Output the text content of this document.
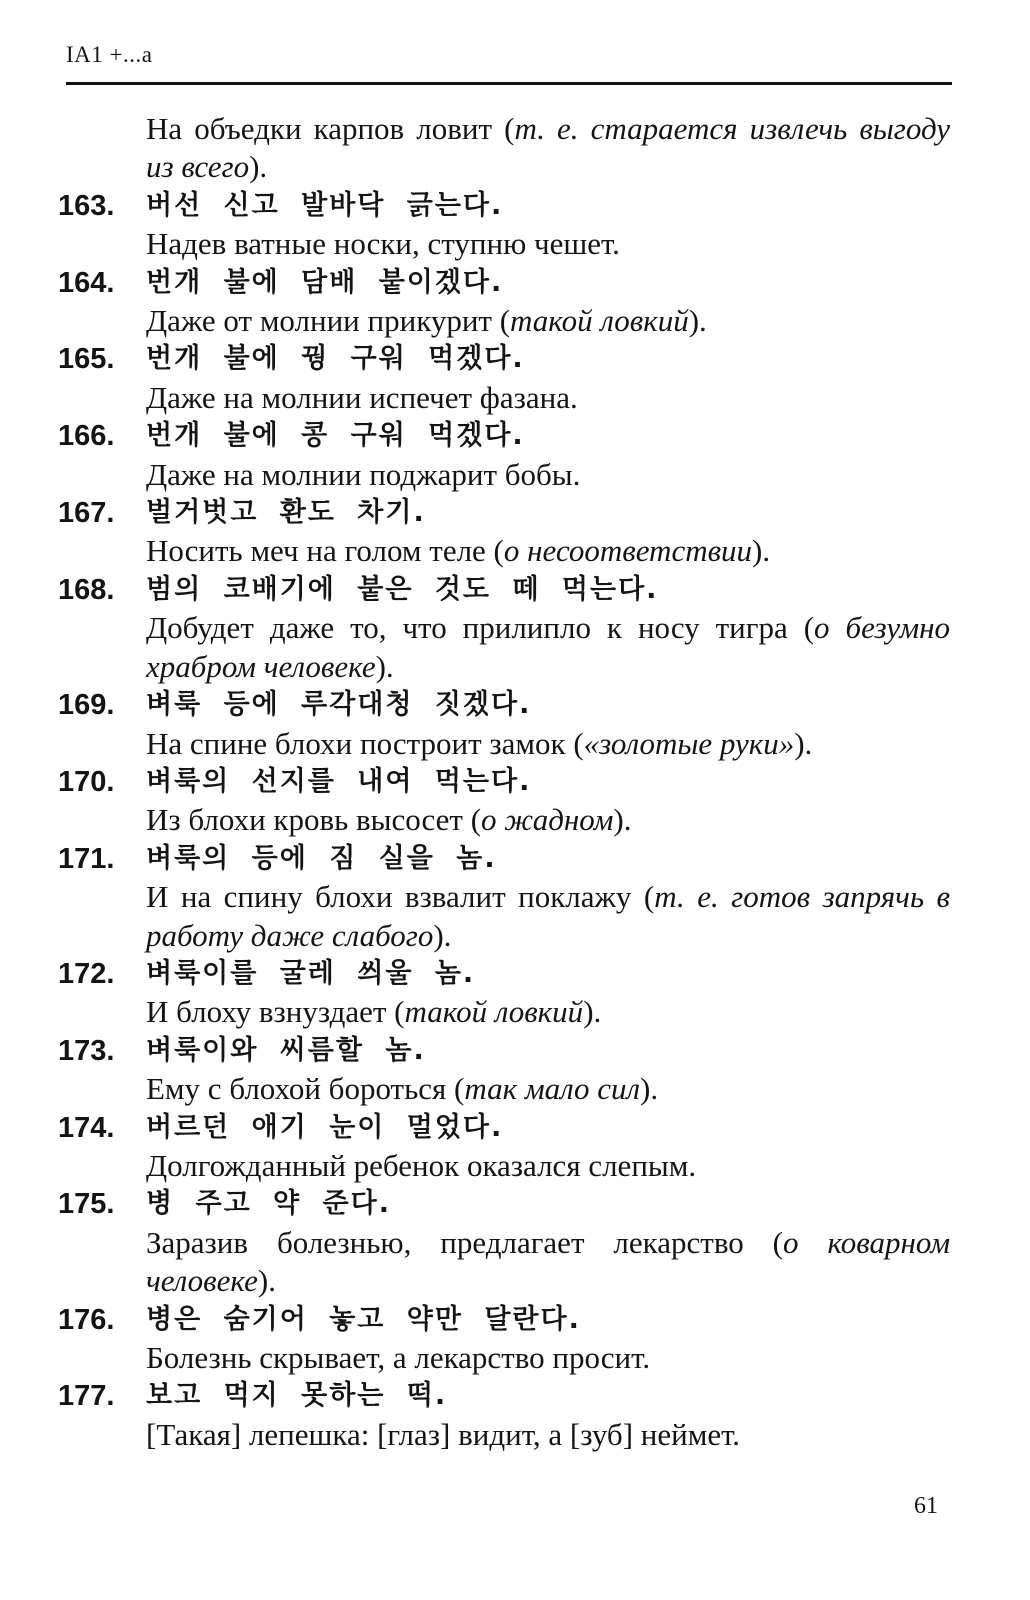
IA1 +...a
На объедки карпов ловит (т. е. старается извлечь выгоду из всего).
163.	버선 신고 발바닥 긁는다.
Надев ватные носки, ступню чешет.
164.	번개 불에 담배 붙이겠다.
Даже от молнии прикурит (такой ловкий).
165.	번개 불에 꿩 구워 먹겠다.
Даже на молнии испечет фазана.
166.	번개 불에 콩 구워 먹겠다.
Даже на молнии поджарит бобы.
167.	벌거벗고 환도 차기.
Носить меч на голом теле (о несоответствии).
168.	범의 코배기에 붙은 것도 떼 먹는다.
Добудет даже то, что прилипло к носу тигра (о безумно храбром человеке).
169.	벼룩 등에 루각대청 짓겠다.
На спине блохи построит замок («золотые руки»).
170.	벼룩의 선지를 내여 먹는다.
Из блохи кровь высосет (о жадном).
171.	벼룩의 등에 짐 실을 놈.
И на спину блохи взвалит поклажу (т. е. готов запрячь в работу даже слабого).
172.	벼룩이를 굴레 씌울 놈.
И блоху взнуздает (такой ловкий).
173.	벼룩이와 씨름할 놈.
Ему с блохой бороться (так мало сил).
174.	버르던 애기 눈이 멀었다.
Долгожданный ребенок оказался слепым.
175.	병 주고 약 준다.
Заразив болезнью, предлагает лекарство (о коварном человеке).
176.	병은 숨기어 놓고 약만 달란다.
Болезнь скрывает, а лекарство просит.
177.	보고 먹지 못하는 떡.
[Такая] лепешка: [глаз] видит, а [зуб] неймет.
61
